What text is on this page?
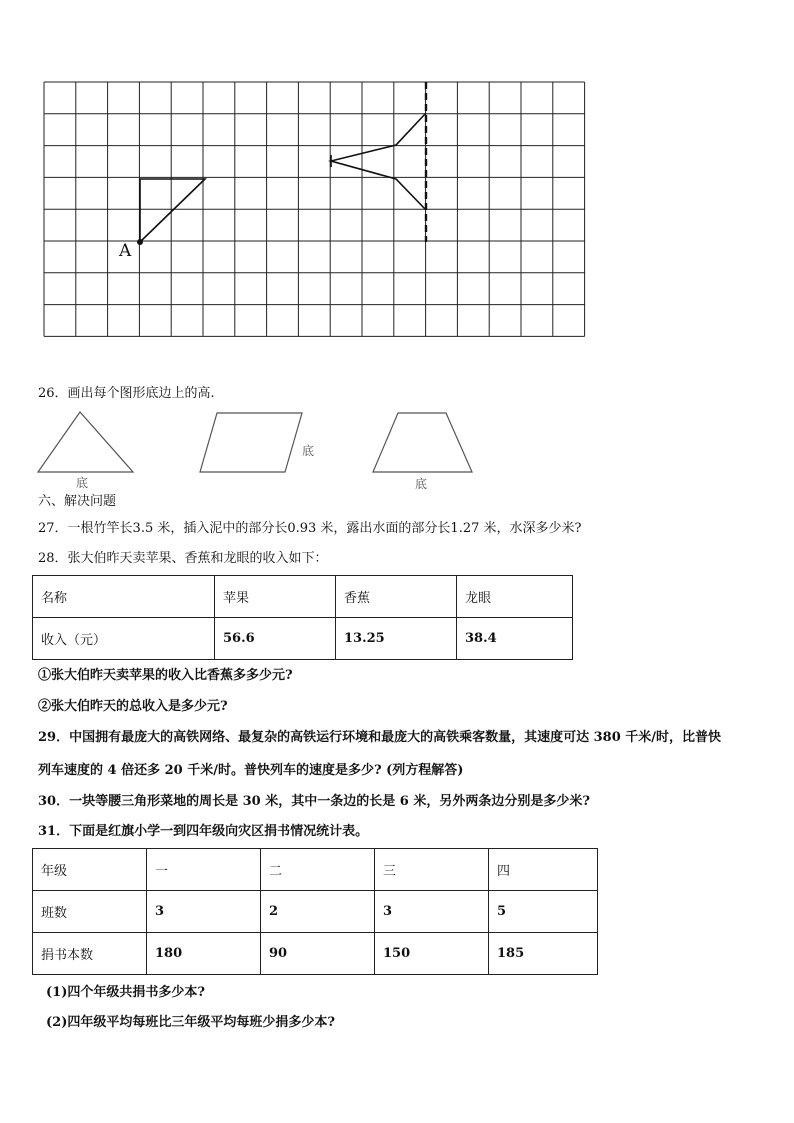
A
26．画出每个图形底边上的高.
底
底
底
六、解决问题
27．一根竹竿长3.5 米，插入泥中的部分长0.93 米，露出水面的部分长1.27 米，水深多少米?
28．张大伯昨天卖苹果、香蕉和龙眼的收入如下：
名称	苹果	香蕉	龙眼
收入（元）	56.6	13.25	38.4
①张大伯昨天卖苹果的收入比香蕉多多少元?
②张大伯昨天的总收入是多少元?
29．中国拥有最庞大的高铁网络、最复杂的高铁运行环境和最庞大的高铁乘客数量，其速度可达 380 千米/时，比普快
列车速度的 4 倍还多 20 千米/时。普快列车的速度是多少? (列方程解答)
30．一块等腰三角形菜地的周长是 30 米，其中一条边的长是 6 米，另外两条边分别是多少米?
31．下面是红旗小学一到四年级向灾区捐书情况统计表。
年级	一	二	三	四
班数	3	2	3	5
捐书本数	180	90	150	185
(1)四个年级共捐书多少本?
(2)四年级平均每班比三年级平均每班少捐多少本?
